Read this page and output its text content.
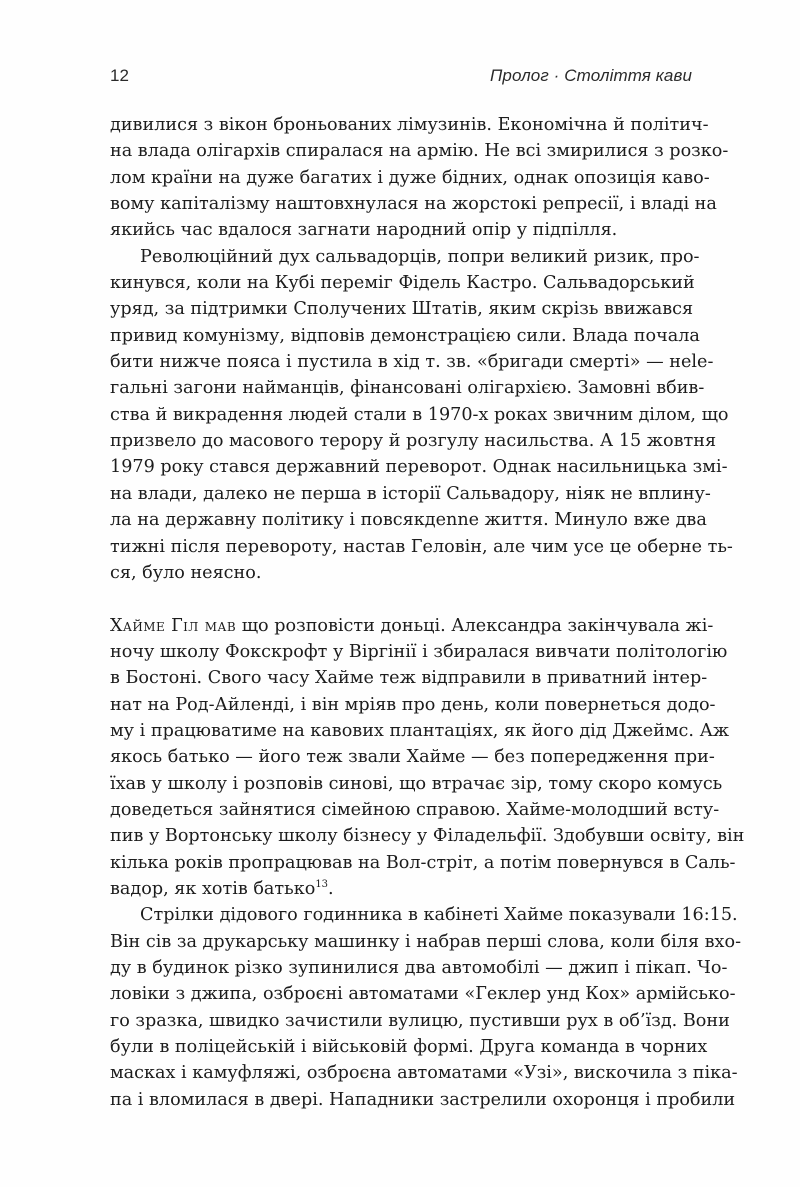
12	Пролог · Століття кави
дивилися з вікон броньованих лімузинів. Економічна й політич-
на влада олігархів спиралася на армію. Не всі змирилися з розко-
лом країни на дуже багатих і дуже бідних, однак опозиція каво-
вому капіталізму наштовхнулася на жорстокі репресії, і владі на
якийсь час вдалося загнати народний опір у підпілля.
Революційний дух сальвадорців, попри великий ризик, про-
кинувся, коли на Кубі переміг Фідель Кастро. Сальвадорський
уряд, за підтримки Сполучених Штатів, яким скрізь ввижався
привид комунізму, відповів демонстрацією сили. Влада почала
бити нижче пояса і пустила в хід т. зв. «бригади смерті» — нele-
гальні загони найманців, фінансовані олігархією. Замовні вбив-
ства й викрадення людей стали в 1970-х роках звичним ділом, що
призвело до масового терору й розгулу насильства. А 15 жовтня
1979 року стався державний переворот. Однак насильницька змі-
на влади, далеко не перша в історії Сальвадору, ніяк не вплину-
ла на державну політику і повсякдenne життя. Минуло вже два
тижні після перевороту, настав Геловін, але чим усе це оберне ть-
ся, було неясно.
Хайме Гіл мав що розповісти доньці. Александра закінчувала жі-
ночу школу Фокскрофт у Віргінії і збиралася вивчати політологію
в Бостоні. Свого часу Хайме теж відправили в приватний інтер-
нат на Род-Айленді, і він мріяв про день, коли повернеться додо-
му і працюватиме на кавових плантаціях, як його дід Джеймс. Аж
якось батько — його теж звали Хайме — без попередження при-
їхав у школу і розповів синові, що втрачає зір, тому скоро комусь
доведеться зайнятися сімейною справою. Хайме-молодший всту-
пив у Вортонську школу бізнесу у Філадельфії. Здобувши освіту, він
кілька років пропрацював на Вол-стріт, а потім повернувся в Саль-
вадор, як хотів батько$^{13}$.
Стрілки дідового годинника в кабінеті Хайме показували 16:15.
Він сів за друкарську машинку і набрав перші слова, коли біля вхо-
ду в будинок різко зупинилися два автомобілі — джип і пікап. Чо-
ловіки з джипа, озброєні автоматами «Геклер унд Кох» армійсько-
го зразка, швидко зачистили вулицю, пустивши рух в об’їзд. Вони
були в поліцейській і військовій формі. Друга команда в чорних
масках і камуфляжі, озброєна автоматами «Узі», вискочила з піка-
па і вломилася в двері. Нападники застрелили охоронця і пробили
